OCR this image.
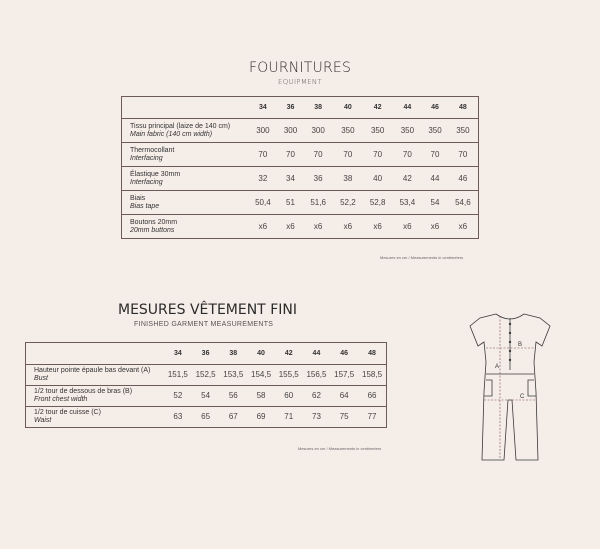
FOURNITURES
EQUIPMENT
	34	36	38	40	42	44	46	48
Tissu principal (laize de 140 cm)
Main fabric (140 cm width)	300	300	300	350	350	350	350	350
Thermocollant
Interfacing	70	70	70	70	70	70	70	70
Élastique 30mm
Interfacing	32	34	36	38	40	42	44	46
Biais
Bias tape	50,4	51	51,6	52,2	52,8	53,4	54	54,6
Boutons 20mm
20mm buttons	x6	x6	x6	x6	x6	x6	x6	x6
Mesures en cm / Measurements in centimeters
MESURES VÊTEMENT FINI
FINISHED GARMENT MEASUREMENTS
	34	36	38	40	42	44	46	48
Hauteur pointe épaule bas devant (A)
Bust	151,5	152,5	153,5	154,5	155,5	156,5	157,5	158,5
1/2 tour de dessous de bras (B)
Front chest width	52	54	56	58	60	62	64	66
1/2 tour de cuisse (C)
Waist	63	65	67	69	71	73	75	77
Mesures en cm / Measurements in centimeters
A
B
C
